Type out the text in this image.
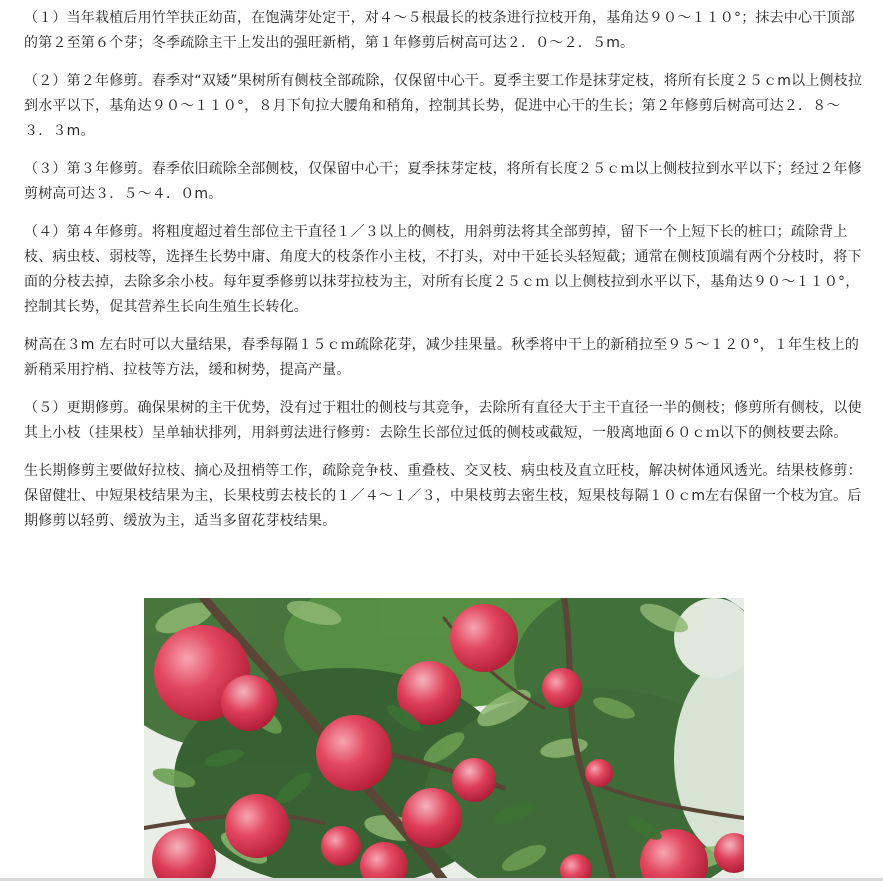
（１）当年栽植后用竹竿扶正幼苗，在饱满芽处定干，对４～５根最长的枝条进行拉枝开角，基角达９０～１１０°；抹去中心干顶部的第２至第６个芽；冬季疏除主干上发出的强旺新梢，第１年修剪后树高可达２．０～２．５m。

（２）第２年修剪。春季对“双矮”果树所有侧枝全部疏除，仅保留中心干。夏季主要工作是抹芽定枝，将所有长度２５ｃm以上侧枝拉到水平以下，基角达９０～１１０°，８月下旬拉大腰角和稍角，控制其长势，促进中心干的生长；第２年修剪后树高可达２．８～３．３m。

（３）第３年修剪。春季依旧疏除全部侧枝，仅保留中心干；夏季抹芽定枝，将所有长度２５ｃｍ以上侧枝拉到水平以下；经过２年修剪树高可达３．５～４．０m。

（４）第４年修剪。将粗度超过着生部位主干直径１／３以上的侧枝，用斜剪法将其全部剪掉，留下一个上短下长的桩口；疏除背上枝、病虫枝、弱枝等，选择生长势中庸、角度大的枝条作小主枝，不打头，对中干延长头轻短截；通常在侧枝顶端有两个分枝时，将下面的分枝去掉，去除多余小枝。每年夏季修剪以抹芽拉枝为主，对所有长度２５ｃｍ 以上侧枝拉到水平以下，基角达９０～１１０°，控制其长势，促其营养生长向生殖生长转化。

树高在３m 左右时可以大量结果，春季每隔１５ｃｍ疏除花芽，减少挂果量。秋季将中干上的新稍拉至９５～１２０°，１年生枝上的新稍采用拧梢、拉枝等方法，缓和树势，提高产量。

（５）更期修剪。确保果树的主干优势，没有过于粗壮的侧枝与其竞争，去除所有直径大于主干直径一半的侧枝；修剪所有侧枝，以使其上小枝（挂果枝）呈单轴状排列，用斜剪法进行修剪：去除生长部位过低的侧枝或截短，一般离地面６０ｃｍ以下的侧枝要去除。

生长期修剪主要做好拉枝、摘心及扭梢等工作，疏除竞争枝、重叠枝、交叉枝、病虫枝及直立旺枝，解决树体通风透光。结果枝修剪：保留健壮、中短果枝结果为主，长果枝剪去枝长的１／４～１／３，中果枝剪去密生枝，短果枝每隔１０ｃm左右保留一个枝为宜。后期修剪以轻剪、缓放为主，适当多留花芽枝结果。
